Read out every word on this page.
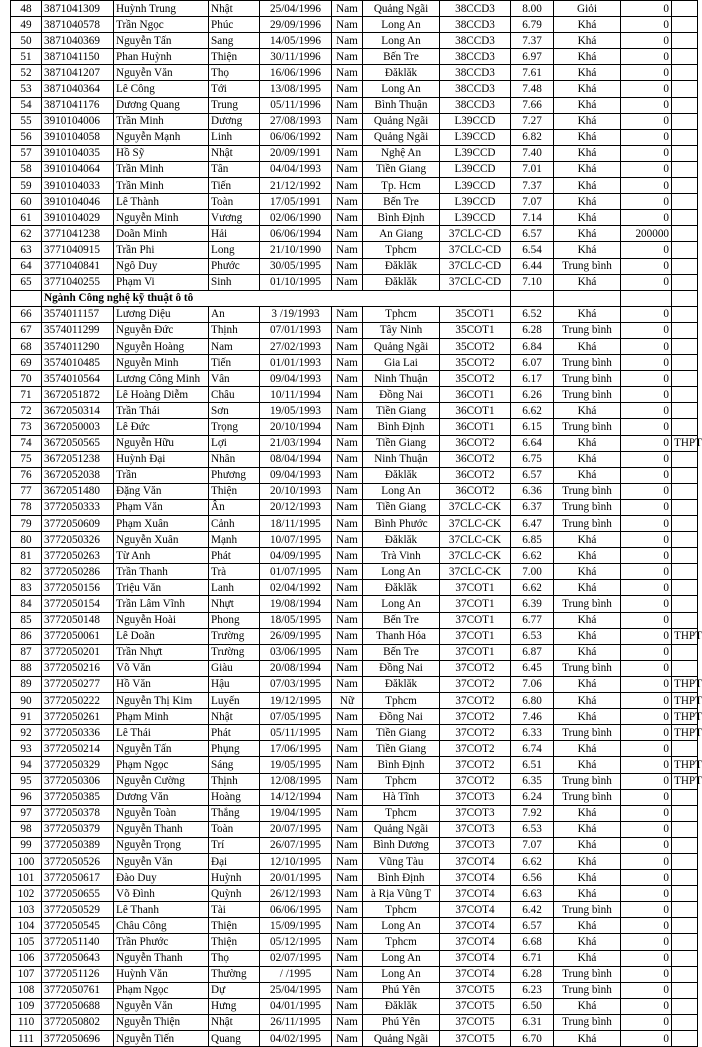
48	3871041309	Huỳnh Trung	Nhật	25/04/1996	Nam	Quảng Ngãi	38CCD3	8.00	Giỏi	0	
49	3871040578	Trần Ngọc	Phúc	29/09/1996	Nam	Long An	38CCD3	6.79	Khá	0	
50	3871040369	Nguyễn Tấn	Sang	14/05/1996	Nam	Long An	38CCD3	7.37	Khá	0	
51	3871041150	Phan Huỳnh	Thiện	30/11/1996	Nam	Bến Tre	38CCD3	6.97	Khá	0	
52	3871041207	Nguyễn Văn	Thọ	16/06/1996	Nam	Đăklăk	38CCD3	7.61	Khá	0	
53	3871040364	Lê Công	Tới	13/08/1995	Nam	Long An	38CCD3	7.48	Khá	0	
54	3871041176	Dương Quang	Trung	05/11/1996	Nam	Bình Thuận	38CCD3	7.66	Khá	0	
55	3910104006	Trần Minh	Dương	27/08/1993	Nam	Quảng Ngãi	L39CCD	7.27	Khá	0	
56	3910104058	Nguyễn Mạnh	Linh	06/06/1992	Nam	Quảng Ngãi	L39CCD	6.82	Khá	0	
57	3910104035	Hồ Sỹ	Nhật	20/09/1991	Nam	Nghệ An	L39CCD	7.40	Khá	0	
58	3910104064	Trần Minh	Tân	04/04/1993	Nam	Tiền Giang	L39CCD	7.01	Khá	0	
59	3910104033	Trần Minh	Tiến	21/12/1992	Nam	Tp. Hcm	L39CCD	7.37	Khá	0	
60	3910104046	Lê Thành	Toàn	17/05/1991	Nam	Bến Tre	L39CCD	7.07	Khá	0	
61	3910104029	Nguyễn Minh	Vương	02/06/1990	Nam	Bình Định	L39CCD	7.14	Khá	0	
62	3771041238	Doãn Minh	Hải	06/06/1994	Nam	An Giang	37CLC-CD	6.57	Khá	200000	
63	3771040915	Trần Phi	Long	21/10/1990	Nam	Tphcm	37CLC-CD	6.54	Khá	0	
64	3771040841	Ngô Duy	Phước	30/05/1995	Nam	Đăklăk	37CLC-CD	6.44	Trung bình	0	
65	3771040255	Phạm Vi	Sinh	01/10/1995	Nam	Đăklăk	37CLC-CD	7.10	Khá	0	
	Ngành Công nghệ kỹ thuật ô tô										
66	3574011157	Lương Diệu	An	3 /19/1993	Nam	Tphcm	35COT1	6.52	Khá	0	
67	3574011299	Nguyễn Đức	Thịnh	07/01/1993	Nam	Tây Ninh	35COT1	6.28	Trung bình	0	
68	3574011290	Nguyễn Hoàng	Nam	27/02/1993	Nam	Quảng Ngãi	35COT2	6.84	Khá	0	
69	3574010485	Nguyễn Minh	Tiến	01/01/1993	Nam	Gia Lai	35COT2	6.07	Trung bình	0	
70	3574010564	Lương Công Minh	Vân	09/04/1993	Nam	Ninh Thuận	35COT2	6.17	Trung bình	0	
71	3672051872	Lê Hoàng Diễm	Châu	10/11/1994	Nam	Đồng Nai	36COT1	6.26	Trung bình	0	
72	3672050314	Trần Thái	Sơn	19/05/1993	Nam	Tiền Giang	36COT1	6.62	Khá	0	
73	3672050003	Lê Đức	Trọng	20/10/1994	Nam	Bình Định	36COT1	6.15	Trung bình	0	
74	3672050565	Nguyễn Hữu	Lợi	21/03/1994	Nam	Tiền Giang	36COT2	6.64	Khá	0	THPT
75	3672051238	Huỳnh Đại	Nhân	08/04/1994	Nam	Ninh Thuận	36COT2	6.75	Khá	0	
76	3672052038	Trần	Phương	09/04/1993	Nam	Đăklăk	36COT2	6.57	Khá	0	
77	3672051480	Đặng Văn	Thiện	20/10/1993	Nam	Long An	36COT2	6.36	Trung bình	0	
78	3772050333	Phạm Văn	Ân	20/12/1993	Nam	Tiền Giang	37CLC-CK	6.37	Trung bình	0	
79	3772050609	Phạm Xuân	Cảnh	18/11/1995	Nam	Bình Phước	37CLC-CK	6.47	Trung bình	0	
80	3772050326	Nguyễn Xuân	Mạnh	10/07/1995	Nam	Đăklăk	37CLC-CK	6.85	Khá	0	
81	3772050263	Từ Anh	Phát	04/09/1995	Nam	Trà Vinh	37CLC-CK	6.62	Khá	0	
82	3772050286	Trần Thanh	Trà	01/07/1995	Nam	Long An	37CLC-CK	7.00	Khá	0	
83	3772050156	Triệu Văn	Lanh	02/04/1992	Nam	Đăklăk	37COT1	6.62	Khá	0	
84	3772050154	Trần Lâm Vĩnh	Nhựt	19/08/1994	Nam	Long An	37COT1	6.39	Trung bình	0	
85	3772050148	Nguyễn Hoài	Phong	18/05/1995	Nam	Bến Tre	37COT1	6.77	Khá	0	
86	3772050061	Lê Doãn	Trường	26/09/1995	Nam	Thanh Hóa	37COT1	6.53	Khá	0	THPT
87	3772050201	Trần Nhựt	Trường	03/06/1995	Nam	Bến Tre	37COT1	6.87	Khá	0	
88	3772050216	Võ Văn	Giàu	20/08/1994	Nam	Đồng Nai	37COT2	6.45	Trung bình	0	
89	3772050277	Hồ Văn	Hậu	07/03/1995	Nam	Đăklăk	37COT2	7.06	Khá	0	THPT
90	3772050222	Nguyễn Thị Kim	Luyến	19/12/1995	Nữ	Tphcm	37COT2	6.80	Khá	0	THPT
91	3772050261	Phạm Minh	Nhật	07/05/1995	Nam	Đồng Nai	37COT2	7.46	Khá	0	THPT
92	3772050336	Lê Thái	Phát	05/11/1995	Nam	Tiền Giang	37COT2	6.33	Trung bình	0	THPT
93	3772050214	Nguyễn Tấn	Phụng	17/06/1995	Nam	Tiền Giang	37COT2	6.74	Khá	0	
94	3772050329	Phạm Ngọc	Sáng	19/05/1995	Nam	Bình Định	37COT2	6.51	Khá	0	THPT
95	3772050306	Nguyễn Cường	Thịnh	12/08/1995	Nam	Tphcm	37COT2	6.35	Trung bình	0	THPT
96	3772050385	Dương Văn	Hoàng	14/12/1994	Nam	Hà Tĩnh	37COT3	6.24	Trung bình	0	
97	3772050378	Nguyễn Toàn	Thắng	19/04/1995	Nam	Tphcm	37COT3	7.92	Khá	0	
98	3772050379	Nguyễn Thanh	Toàn	20/07/1995	Nam	Quảng Ngãi	37COT3	6.53	Khá	0	
99	3772050389	Nguyễn Trọng	Trí	26/07/1995	Nam	Bình Dương	37COT3	7.07	Khá	0	
100	3772050526	Nguyễn Văn	Đại	12/10/1995	Nam	Vũng Tàu	37COT4	6.62	Khá	0	
101	3772050617	Đào Duy	Huỳnh	20/01/1995	Nam	Bình Định	37COT4	6.56	Khá	0	
102	3772050655	Võ Đình	Quỳnh	26/12/1993	Nam	à Rịa Vũng T	37COT4	6.63	Khá	0	
103	3772050529	Lê Thanh	Tài	06/06/1995	Nam	Tphcm	37COT4	6.42	Trung bình	0	
104	3772050545	Châu Công	Thiện	15/09/1995	Nam	Long An	37COT4	6.57	Khá	0	
105	3772051140	Trần Phước	Thiện	05/12/1995	Nam	Tphcm	37COT4	6.68	Khá	0	
106	3772050643	Nguyễn Thanh	Thọ	02/07/1995	Nam	Long An	37COT4	6.71	Khá	0	
107	3772051126	Huỳnh Văn	Thường	/ /1995	Nam	Long An	37COT4	6.28	Trung bình	0	
108	3772050761	Phạm Ngọc	Dự	25/04/1995	Nam	Phú Yên	37COT5	6.23	Trung bình	0	
109	3772050688	Nguyễn Văn	Hưng	04/01/1995	Nam	Đăklăk	37COT5	6.50	Khá	0	
110	3772050802	Nguyễn Thiện	Nhật	26/11/1995	Nam	Phú Yên	37COT5	6.31	Trung bình	0	
111	3772050696	Nguyễn Tiến	Quang	04/02/1995	Nam	Quảng Ngãi	37COT5	6.70	Khá	0	
